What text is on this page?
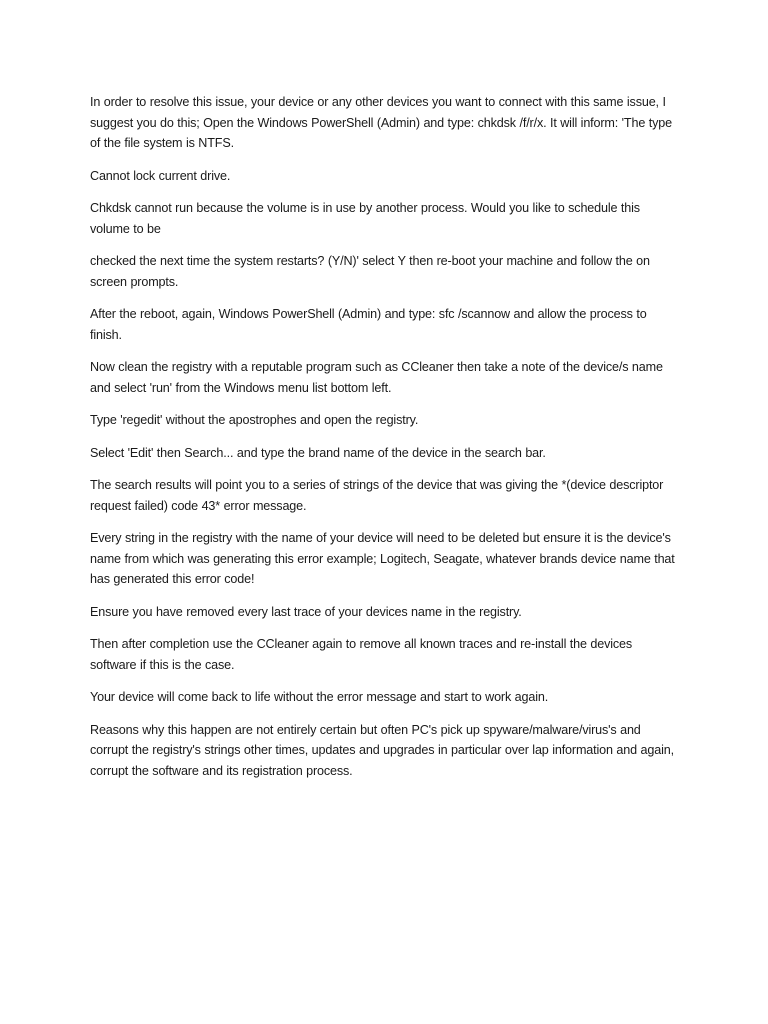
In order to resolve this issue, your device or any other devices you want to connect with this same issue, I suggest you do this; Open the Windows PowerShell (Admin) and type: chkdsk /f/r/x. It will inform: 'The type of the file system is NTFS.

Cannot lock current drive.

Chkdsk cannot run because the volume is in use by another process. Would you like to schedule this volume to be

checked the next time the system restarts? (Y/N)' select Y then re-boot your machine and follow the on screen prompts.

After the reboot, again, Windows PowerShell (Admin) and type: sfc /scannow and allow the process to finish.

Now clean the registry with a reputable program such as CCleaner then take a note of the device/s name and select 'run' from the Windows menu list bottom left.

Type 'regedit' without the apostrophes and open the registry.

Select 'Edit' then Search... and type the brand name of the device in the search bar.

The search results will point you to a series of strings of the device that was giving the *(device descriptor request failed) code 43* error message.

Every string in the registry with the name of your device will need to be deleted but ensure it is the device's name from which was generating this error example; Logitech, Seagate, whatever brands device name that has generated this error code!

Ensure you have removed every last trace of your devices name in the registry.

Then after completion use the CCleaner again to remove all known traces and re-install the devices software if this is the case.

Your device will come back to life without the error message and start to work again.

Reasons why this happen are not entirely certain but often PC's pick up spyware/malware/virus's and corrupt the registry's strings other times, updates and upgrades in particular over lap information and again, corrupt the software and its registration process.
